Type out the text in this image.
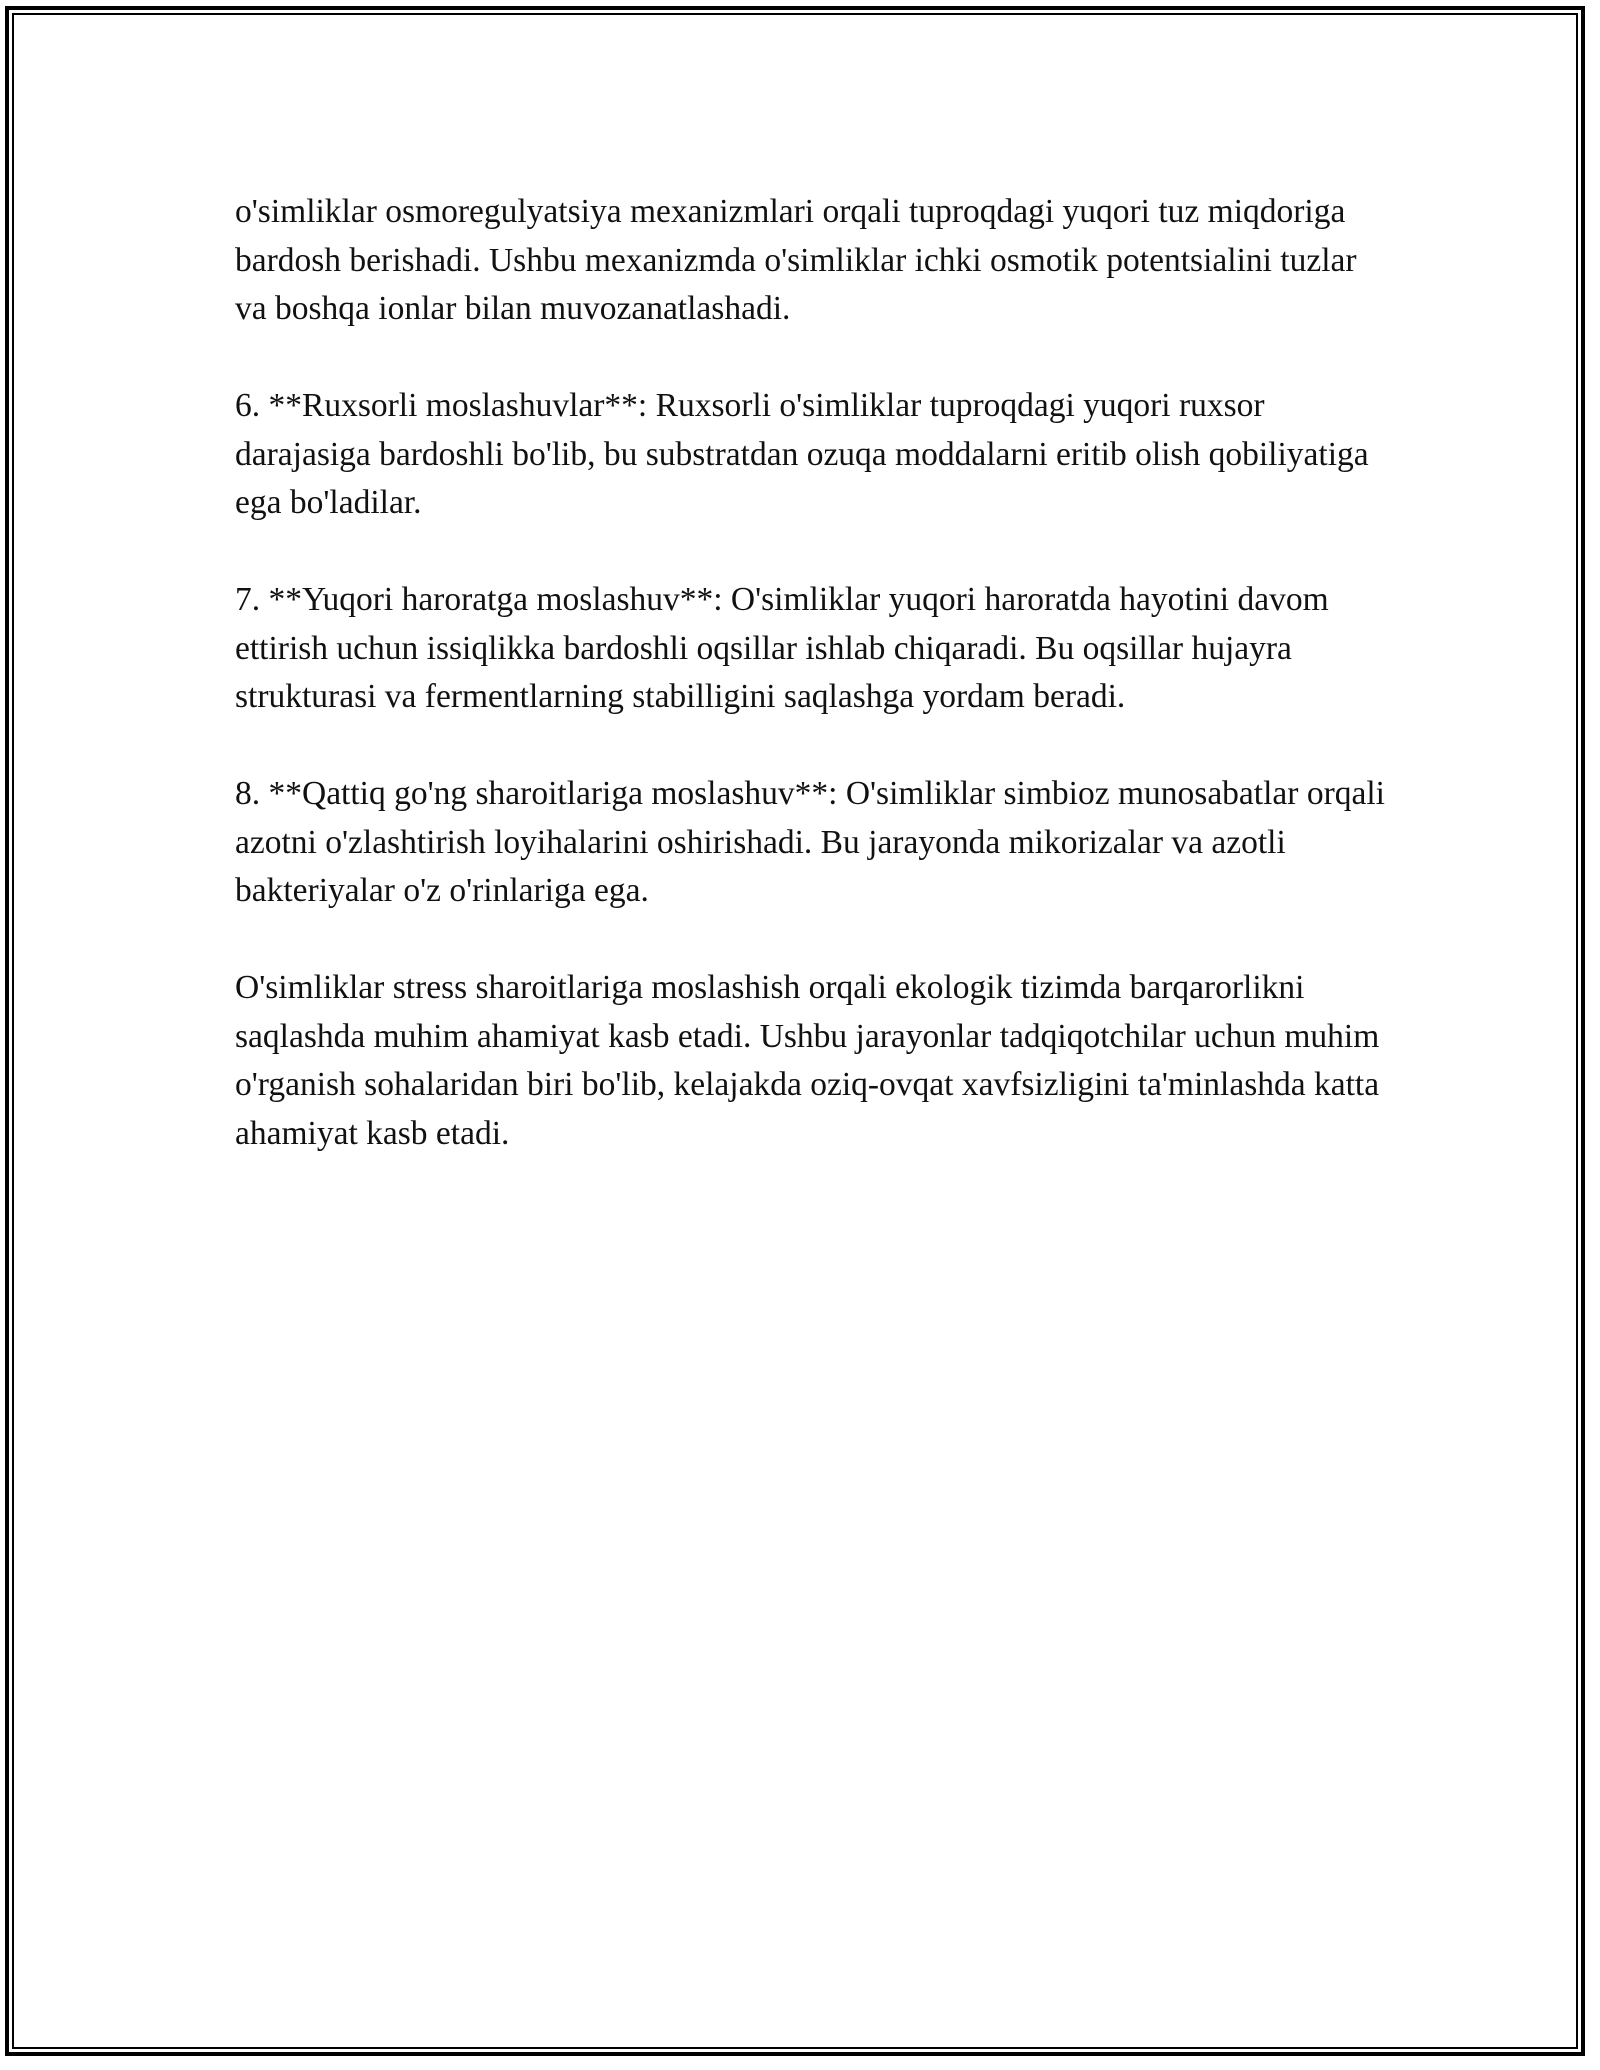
o'simliklar osmoregulyatsiya mexanizmlari orqali tuproqdagi yuqori tuz miqdoriga bardosh berishadi. Ushbu mexanizmda o'simliklar ichki osmotik potentsialini tuzlar va boshqa ionlar bilan muvozanatlashadi.

6. **Ruxsorli moslashuvlar**: Ruxsorli o'simliklar tuproqdagi yuqori ruxsor darajasiga bardoshli bo'lib, bu substratdan ozuqa moddalarni eritib olish qobiliyatiga ega bo'ladilar.

7. **Yuqori haroratga moslashuv**: O'simliklar yuqori haroratda hayotini davom ettirish uchun issiqlikka bardoshli oqsillar ishlab chiqaradi. Bu oqsillar hujayra strukturasi va fermentlarning stabilligini saqlashga yordam beradi.

8. **Qattiq go'ng sharoitlariga moslashuv**: O'simliklar simbioz munosabatlar orqali azotni o'zlashtirish loyihalarini oshirishadi. Bu jarayonda mikorizalar va azotli bakteriyalar o'z o'rinlariga ega.

O'simliklar stress sharoitlariga moslashish orqali ekologik tizimda barqarorlikni saqlashda muhim ahamiyat kasb etadi. Ushbu jarayonlar tadqiqotchilar uchun muhim o'rganish sohalaridan biri bo'lib, kelajakda oziq-ovqat xavfsizligini ta'minlashda katta ahamiyat kasb etadi.
